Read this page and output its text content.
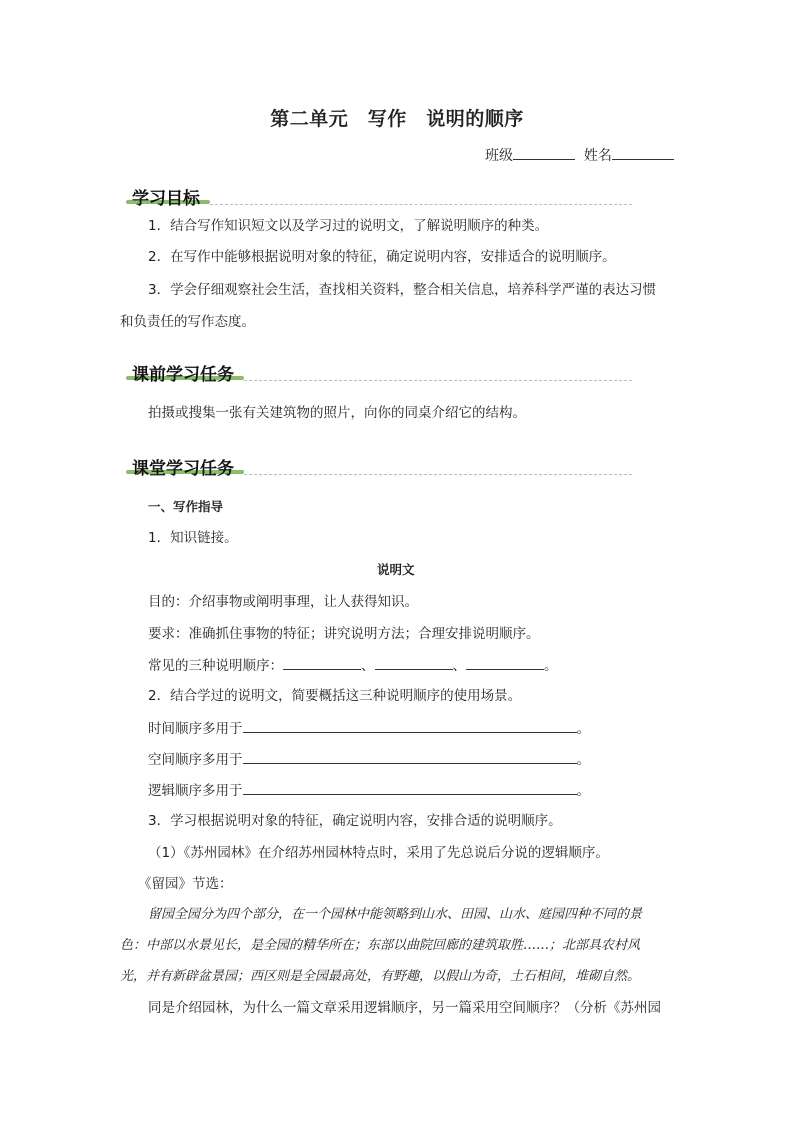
第二单元　写作　说明的顺序
班级	姓名
学习目标
1．结合写作知识短文以及学习过的说明文，了解说明顺序的种类。
2．在写作中能够根据说明对象的特征，确定说明内容，安排适合的说明顺序。
3．学会仔细观察社会生活，查找相关资料，整合相关信息，培养科学严谨的表达习惯
和负责任的写作态度。
课前学习任务
拍摄或搜集一张有关建筑物的照片，向你的同桌介绍它的结构。
课堂学习任务
一、写作指导
1．知识链接。
说明文
目的：介绍事物或阐明事理，让人获得知识。
要求：准确抓住事物的特征；讲究说明方法；合理安排说明顺序。
常见的三种说明顺序：	、	、	。
2．结合学过的说明文，简要概括这三种说明顺序的使用场景。
时间顺序多用于	。
空间顺序多用于	。
逻辑顺序多用于	。
3．学习根据说明对象的特征，确定说明内容，安排合适的说明顺序。
（1）《苏州园林》在介绍苏州园林特点时，采用了先总说后分说的逻辑顺序。
《留园》节选：
留园全园分为四个部分，在一个园林中能领略到山水、田园、山水、庭园四种不同的景
色：中部以水景见长，是全园的精华所在；东部以曲院回廊的建筑取胜……；北部具农村风
光，并有新辟盆景园；西区则是全园最高处，有野趣，以假山为奇，土石相间，堆砌自然。
同是介绍园林，为什么一篇文章采用逻辑顺序，另一篇采用空间顺序？（分析《苏州园
